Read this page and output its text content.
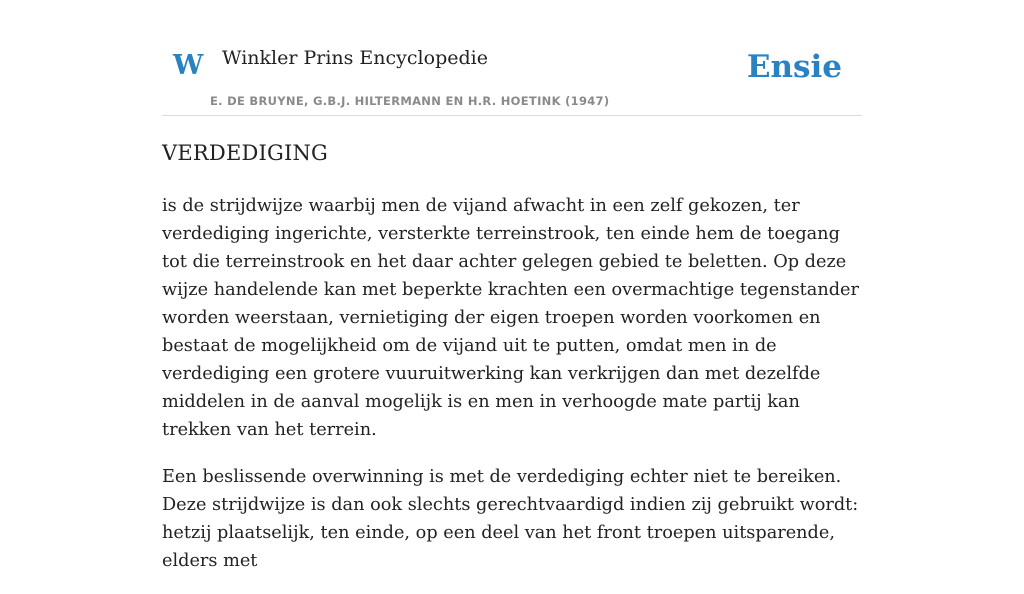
W Winkler Prins Encyclopedie
E. DE BRUYNE, G.B.J. HILTERMANN EN H.R. HOETINK (1947)
Ensie
VERDEDIGING

is de strijdwijze waarbij men de vijand afwacht in een zelf gekozen, ter verdediging ingerichte, versterkte terreinstrook, ten einde hem de toegang tot die terreinstrook en het daar achter gelegen gebied te beletten. Op deze wijze handelende kan met beperkte krachten een overmachtige tegenstander worden weerstaan, vernietiging der eigen troepen worden voorkomen en bestaat de mogelijkheid om de vijand uit te putten, omdat men in de verdediging een grotere vuuruitwerking kan verkrijgen dan met dezelfde middelen in de aanval mogelijk is en men in verhoogde mate partij kan trekken van het terrein.

Een beslissende overwinning is met de verdediging echter niet te bereiken. Deze strijdwijze is dan ook slechts gerechtvaardigd indien zij gebruikt wordt: hetzij plaatselijk, ten einde, op een deel van het front troepen uitsparende, elders met
